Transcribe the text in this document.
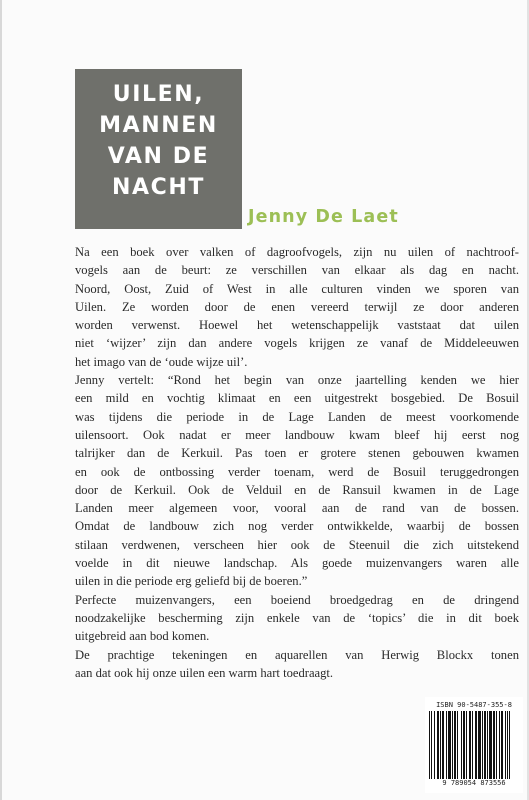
UILEN,
MANNEN
VAN DE
NACHT
Jenny De Laet
Na een boek over valken of dagroofvogels, zijn nu uilen of nachtroof-
vogels aan de beurt: ze verschillen van elkaar als dag en nacht.
Noord, Oost, Zuid of West in alle culturen vinden we sporen van
Uilen. Ze worden door de enen vereerd terwijl ze door anderen
worden verwenst. Hoewel het wetenschappelijk vaststaat dat uilen
niet ‘wijzer’ zijn dan andere vogels krijgen ze vanaf de Middeleeuwen
het imago van de ‘oude wijze uil’.
Jenny vertelt: “Rond het begin van onze jaartelling kenden we hier
een mild en vochtig klimaat en een uitgestrekt bosgebied. De Bosuil
was tijdens die periode in de Lage Landen de meest voorkomende
uilensoort. Ook nadat er meer landbouw kwam bleef hij eerst nog
talrijker dan de Kerkuil. Pas toen er grotere stenen gebouwen kwamen
en ook de ontbossing verder toenam, werd de Bosuil teruggedrongen
door de Kerkuil. Ook de Velduil en de Ransuil kwamen in de Lage
Landen meer algemeen voor, vooral aan de rand van de bossen.
Omdat de landbouw zich nog verder ontwikkelde, waarbij de bossen
stilaan verdwenen, verscheen hier ook de Steenuil die zich uitstekend
voelde in dit nieuwe landschap. Als goede muizenvangers waren alle
uilen in die periode erg geliefd bij de boeren.”
Perfecte muizenvangers, een boeiend broedgedrag en de dringend
noodzakelijke bescherming zijn enkele van de ‘topics’ die in dit boek
uitgebreid aan bod komen.
De prachtige tekeningen en aquarellen van Herwig Blockx tonen
aan dat ook hij onze uilen een warm hart toedraagt.
ISBN 90-5487-355-8
9 789054 873556
